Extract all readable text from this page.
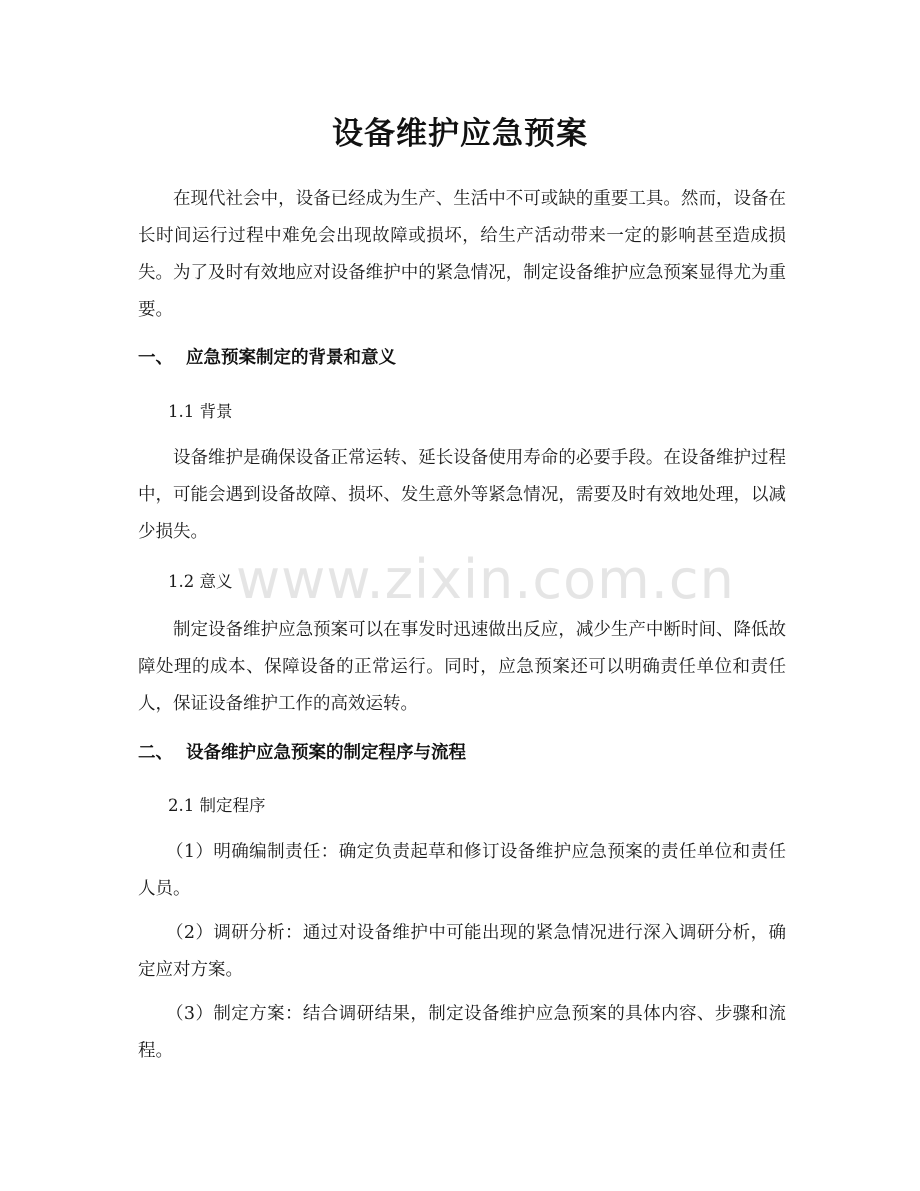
设备维护应急预案
在现代社会中，设备已经成为生产、生活中不可或缺的重要工具。然而，设备在长时间运行过程中难免会出现故障或损坏，给生产活动带来一定的影响甚至造成损失。为了及时有效地应对设备维护中的紧急情况，制定设备维护应急预案显得尤为重要。
一、 应急预案制定的背景和意义
1.1 背景
设备维护是确保设备正常运转、延长设备使用寿命的必要手段。在设备维护过程中，可能会遇到设备故障、损坏、发生意外等紧急情况，需要及时有效地处理，以减少损失。
1.2 意义
制定设备维护应急预案可以在事发时迅速做出反应，减少生产中断时间、降低故障处理的成本、保障设备的正常运行。同时，应急预案还可以明确责任单位和责任人，保证设备维护工作的高效运转。
二、 设备维护应急预案的制定程序与流程
2.1 制定程序
（1）明确编制责任：确定负责起草和修订设备维护应急预案的责任单位和责任人员。
（2）调研分析：通过对设备维护中可能出现的紧急情况进行深入调研分析，确定应对方案。
（3）制定方案：结合调研结果，制定设备维护应急预案的具体内容、步骤和流程。
www.zixin.com.cn
